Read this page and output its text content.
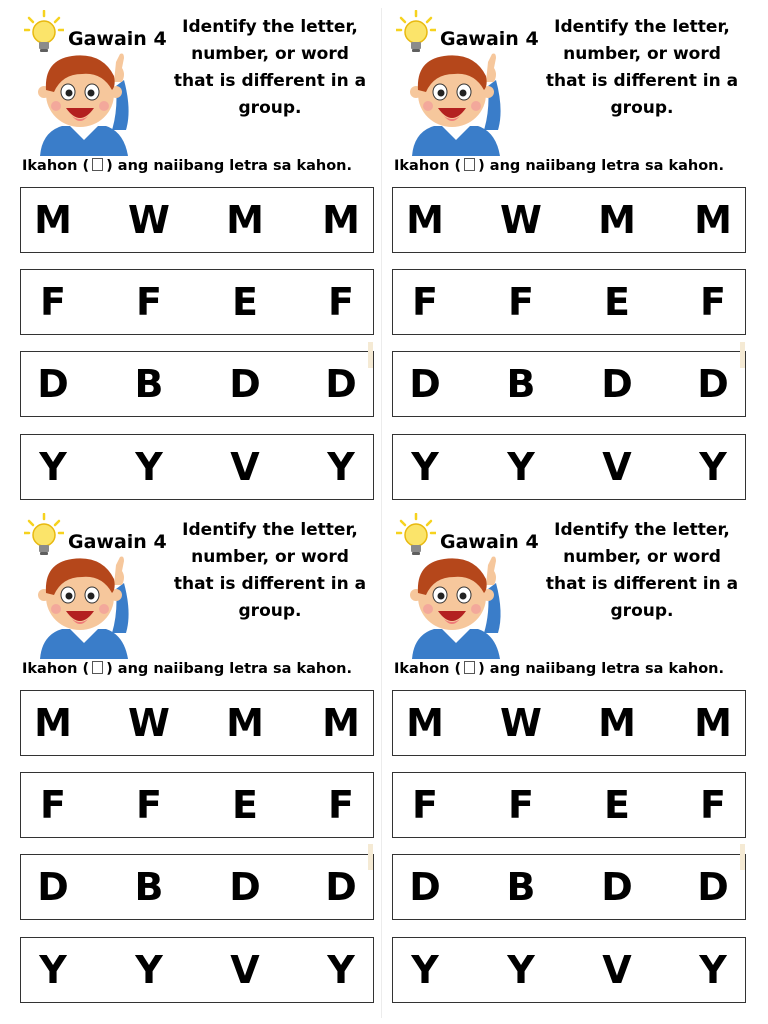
Gawain 4
Identify the letter, number, or word that is different in a group.
Ikahon ( ) ang naiibang letra sa kahon.
M W M M
F	F	E	F
D	B	D	D
Y	Y	V	Y
Gawain 4
Identify the letter, number, or word that is different in a group.
Ikahon ( ) ang naiibang letra sa kahon.
M W M M
F	F	E	F
D	B	D	D
Y	Y	V	Y
Gawain 4
Identify the letter, number, or word that is different in a group.
Ikahon ( ) ang naiibang letra sa kahon.
M W M M
F	F	E	F
D	B	D	D
Y	Y	V	Y
Gawain 4
Identify the letter, number, or word that is different in a group.
Ikahon ( ) ang naiibang letra sa kahon.
M W M M
F	F	E	F
D	B	D	D
Y	Y	V	Y
